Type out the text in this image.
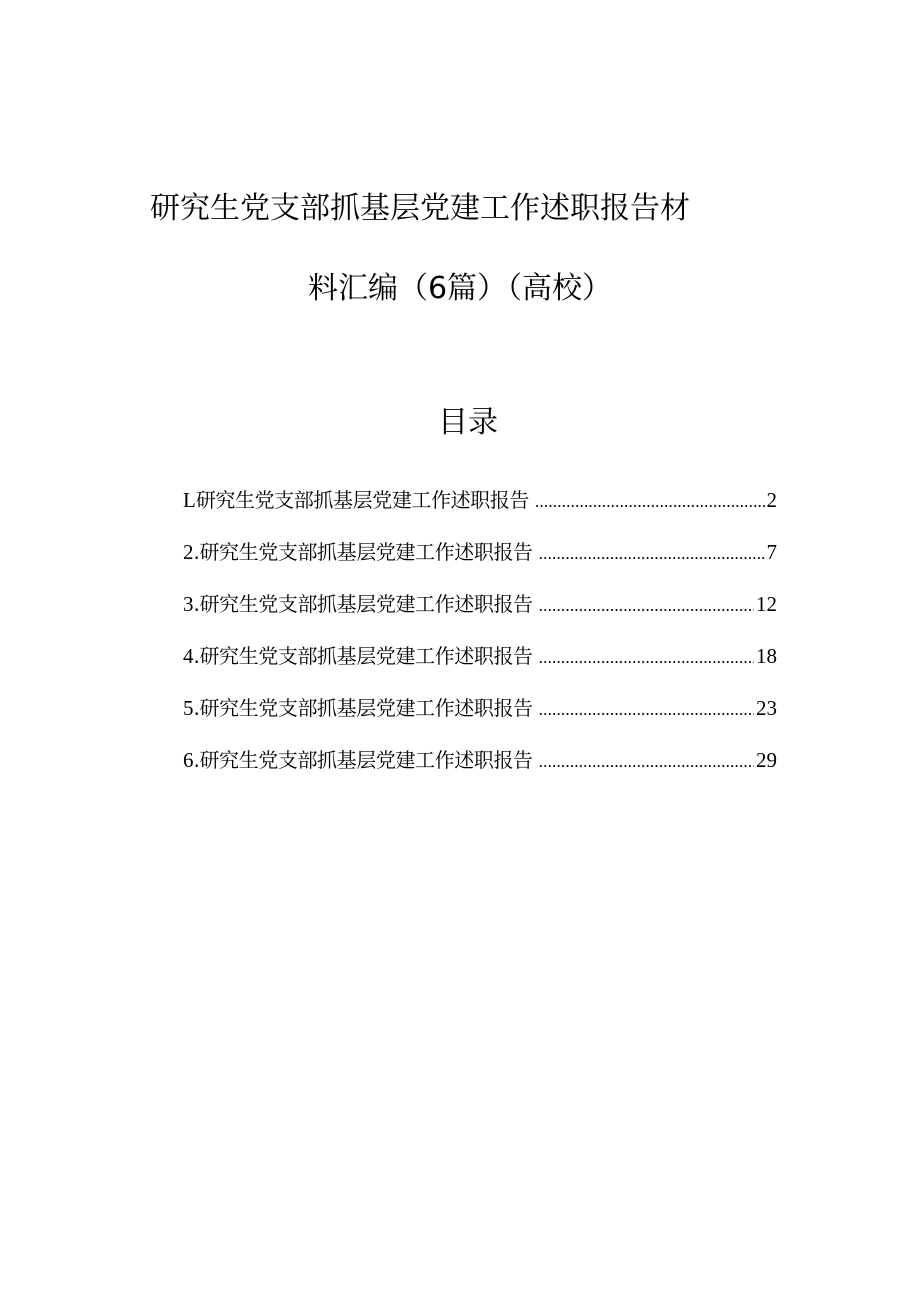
研究生党支部抓基层党建工作述职报告材
料汇编（6篇）（高校）
目录
L 研究生党支部抓基层党建工作述职报告 .....	2
2 .研究生党支部抓基层党建工作述职报告 .....	7
3 .研究生党支部抓基层党建工作述职报告 .....	12
4 .研究生党支部抓基层党建工作述职报告 .....	18
5 .研究生党支部抓基层党建工作述职报告 .....	23
6 .研究生党支部抓基层党建工作述职报告 .....	29
